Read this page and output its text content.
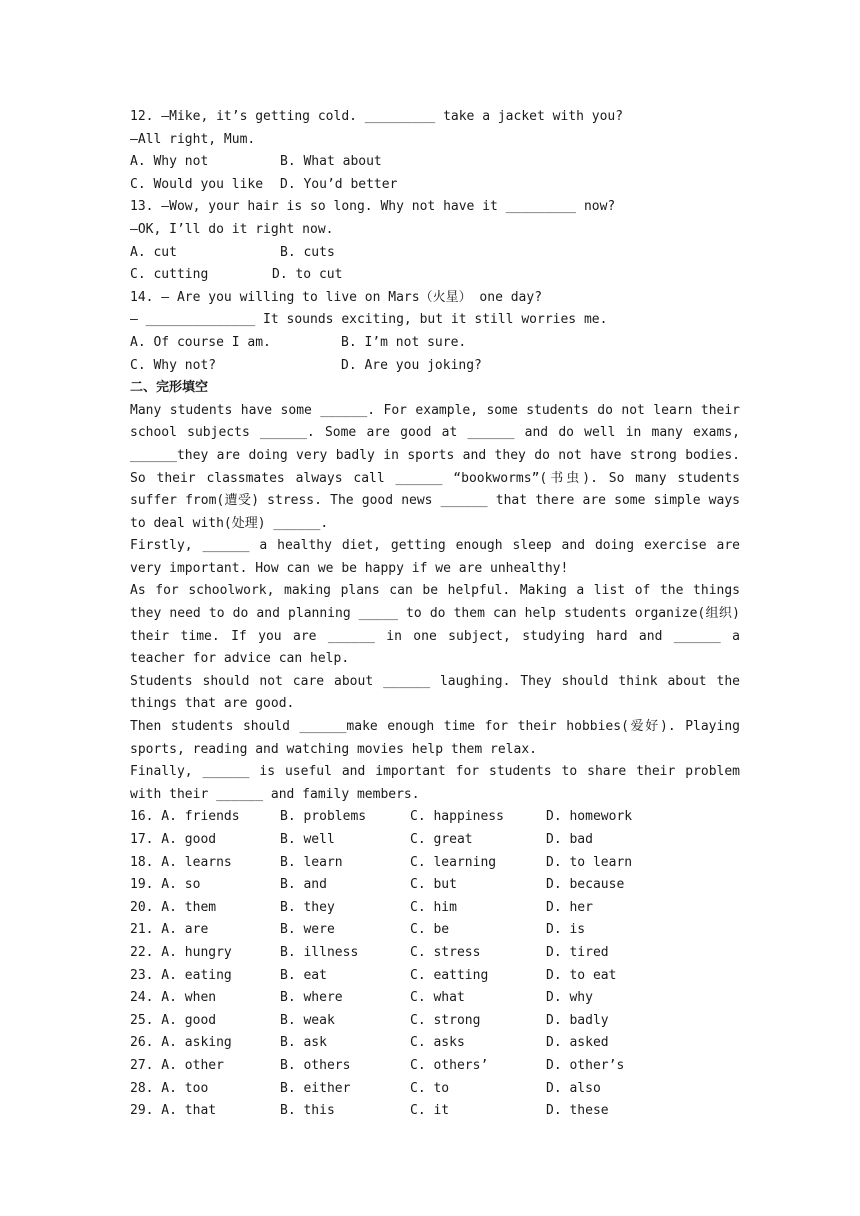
12. —Mike, it’s getting cold. _________ take a jacket with you?
—All right, Mum.
A. Why not	B. What about
C. Would you like	D. You’d better
13. —Wow, your hair is so long. Why not have it _________ now?
—OK, I’ll do it right now.
A. cut	B. cuts
C. cutting	D. to cut
14. — Are you willing to live on Mars（火星） one day?
— ______________ It sounds exciting, but it still worries me.
A. Of course I am.	B. I’m not sure.
C. Why not?	D. Are you joking?
二、完形填空
Many students have some ______. For example, some students do not learn their school subjects ______. Some are good at ______ and do well in many exams, ______they are doing very badly in sports and they do not have strong bodies. So their classmates always call ______ “bookworms”(书虫). So many students suffer from(遭受) stress. The good news ______ that there are some simple ways to deal with(处理) ______.
Firstly, ______ a healthy diet, getting enough sleep and doing exercise are very important. How can we be happy if we are unhealthy!
As for schoolwork, making plans can be helpful. Making a list of the things they need to do and planning _____ to do them can help students organize(组织) their time. If you are ______ in one subject, studying hard and ______ a teacher for advice can help.
Students should not care about ______ laughing. They should think about the things that are good.
Then students should ______make enough time for their hobbies(爱好). Playing sports, reading and watching movies help them relax.
Finally, ______ is useful and important for students to share their problem with their ______ and family members.
16. A. friends	B. problems	C. happiness	D. homework
17. A. good	B. well	C. great	D. bad
18. A. learns	B. learn	C. learning	D. to learn
19. A. so	B. and	C. but	D. because
20. A. them	B. they	C. him	D. her
21. A. are	B. were	C. be	D. is
22. A. hungry	B. illness	C. stress	D. tired
23. A. eating	B. eat	C. eatting	D. to eat
24. A. when	B. where	C. what	D. why
25. A. good	B. weak	C. strong	D. badly
26. A. asking	B. ask	C. asks	D. asked
27. A. other	B. others	C. others’	D. other’s
28. A. too	B. either	C. to	D. also
29. A. that	B. this	C. it	D. these
